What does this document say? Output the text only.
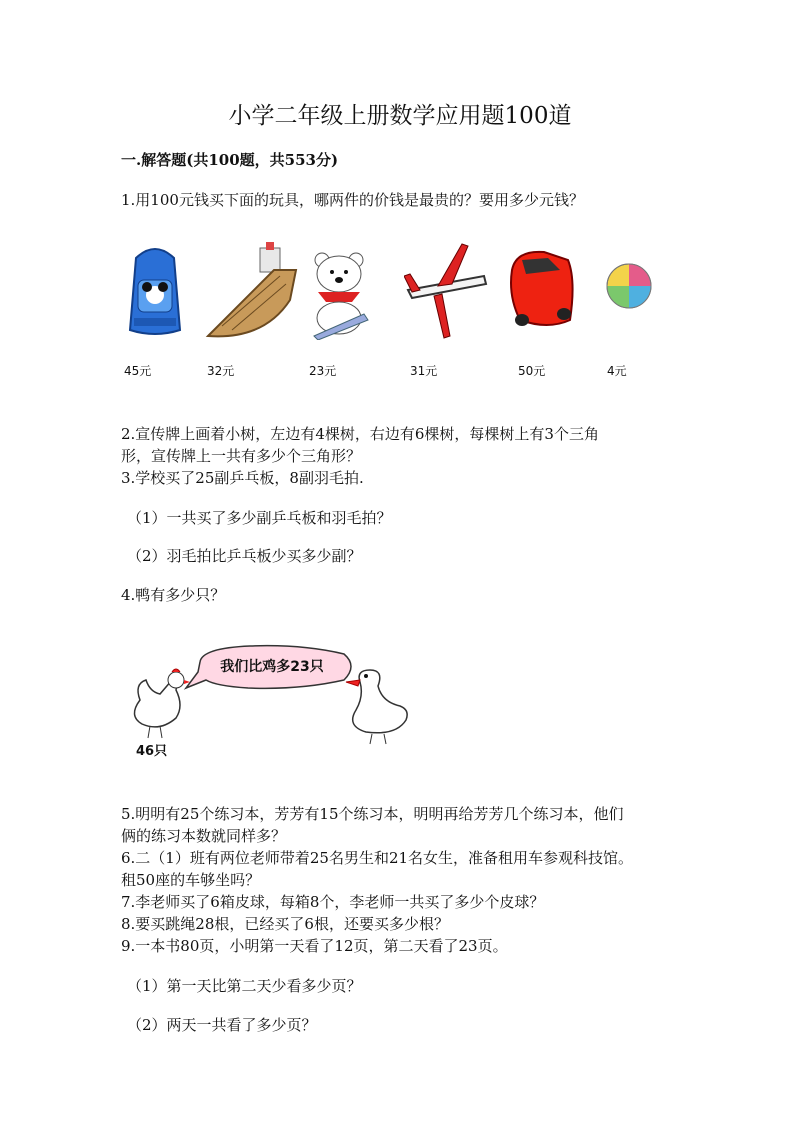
小学二年级上册数学应用题100道
一.解答题(共100题，共553分)
1.用100元钱买下面的玩具，哪两件的价钱是最贵的？要用多少元钱？
45元	32元	23元	31元	50元	4元
2.宣传牌上画着小树，左边有4棵树，右边有6棵树，每棵树上有3个三角
形，宣传牌上一共有多少个三角形？
3.学校买了25副乒乓板，8副羽毛拍.
（1）一共买了多少副乒乓板和羽毛拍？
（2）羽毛拍比乒乓板少买多少副？
4.鸭有多少只？
我们比鸡多23只
46只
5.明明有25个练习本，芳芳有15个练习本，明明再给芳芳几个练习本，他们
俩的练习本数就同样多？
6.二（1）班有两位老师带着25名男生和21名女生，准备租用车参观科技馆。
租50座的车够坐吗？
7.李老师买了6箱皮球，每箱8个，李老师一共买了多少个皮球？
8.要买跳绳28根，已经买了6根，还要买多少根？
9.一本书80页，小明第一天看了12页，第二天看了23页。
（1）第一天比第二天少看多少页？
（2）两天一共看了多少页？
